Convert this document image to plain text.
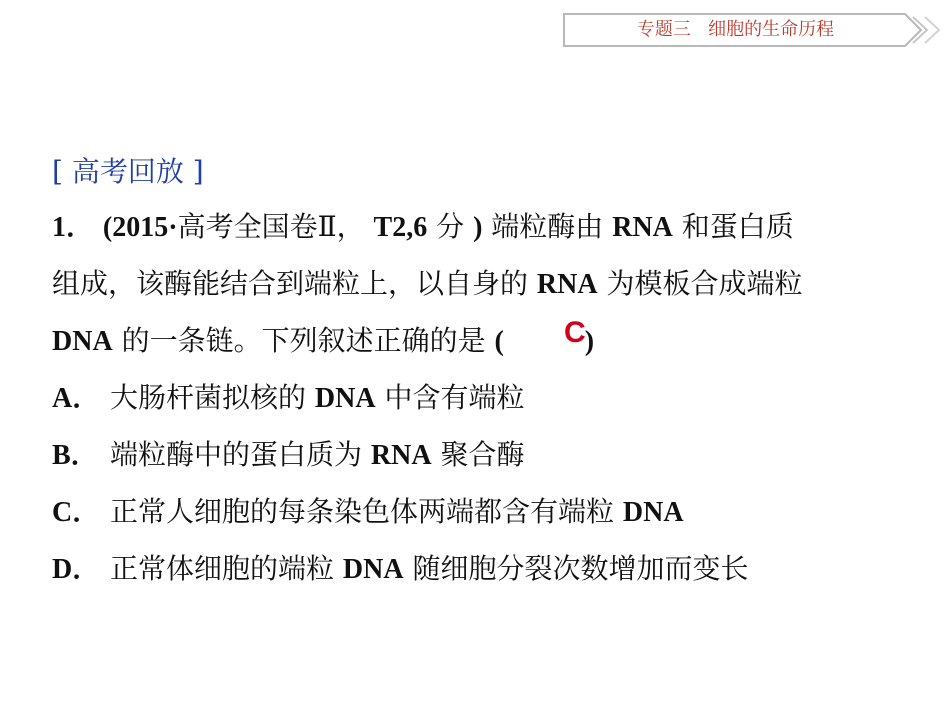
专题三 细胞的生命历程
[ 高考回放 ]
1． (2015·高考全国卷Ⅱ， T2,6 分 ) 端粒酶由 RNA 和蛋白质
组成，该酶能结合到端粒上，以自身的 RNA 为模板合成端粒
DNA 的一条链。下列叙述正确的是 (	)
C
A． 大肠杆菌拟核的 DNA 中含有端粒
B． 端粒酶中的蛋白质为 RNA 聚合酶
C． 正常人细胞的每条染色体两端都含有端粒 DNA
D． 正常体细胞的端粒 DNA 随细胞分裂次数增加而变长
